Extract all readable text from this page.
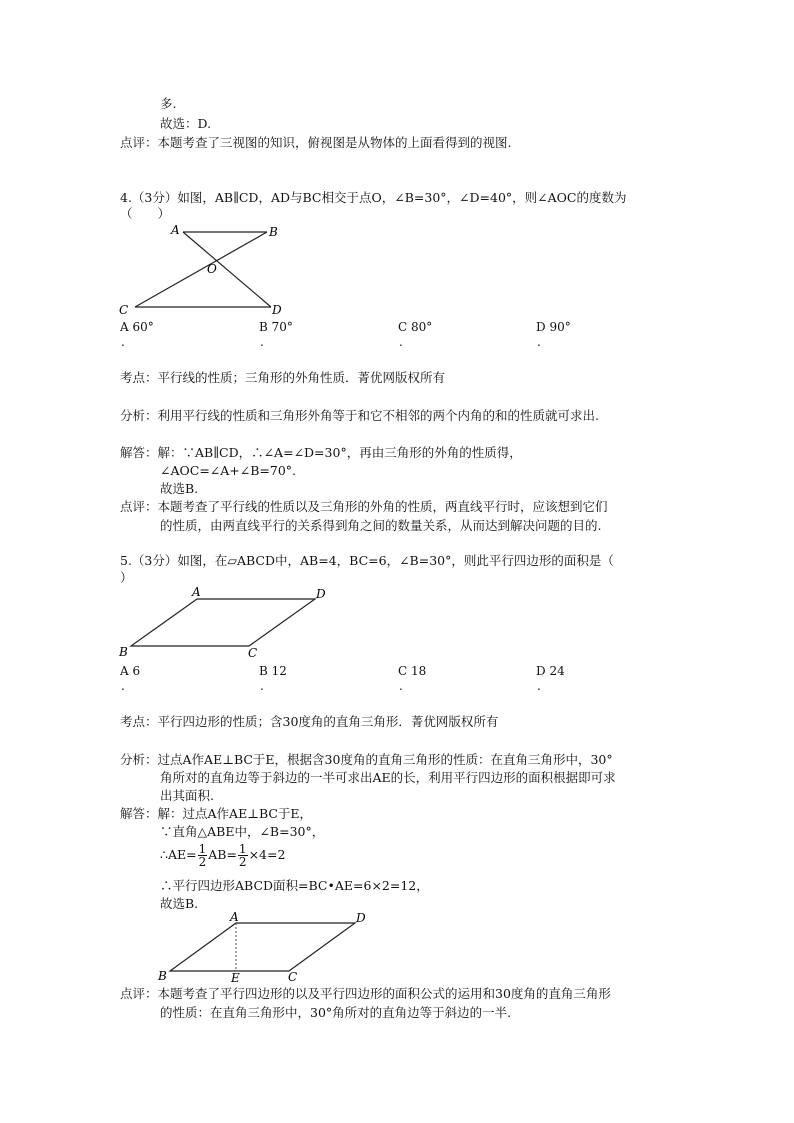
多.
故选：D.
点评：本题考查了三视图的知识，俯视图是从物体的上面看得到的视图.
4.（3分）如图，AB∥CD，AD与BC相交于点O，∠B=30°，∠D=40°，则∠AOC的度数为
（　　）
A	B
O
C	D
A 60°	B 70°	C 80°	D 90°
.	.	.	.
考点：平行线的性质；三角形的外角性质．菁优网版权所有
分析：利用平行线的性质和三角形外角等于和它不相邻的两个内角的和的性质就可求出.
解答：解：∵AB∥CD，∴∠A=∠D=30°，再由三角形的外角的性质得，
∠AOC=∠A+∠B=70°.
故选B.
点评：本题考查了平行线的性质以及三角形的外角的性质，两直线平行时，应该想到它们
的性质，由两直线平行的关系得到角之间的数量关系，从而达到解决问题的目的.
5.（3分）如图，在▱ABCD中，AB=4，BC=6，∠B=30°，则此平行四边形的面积是（
）
A	D
B	C
A 6	B 12	C 18	D 24
.	.	.	.
考点：平行四边形的性质；含30度角的直角三角形．菁优网版权所有
分析：过点A作AE⊥BC于E，根据含30度角的直角三角形的性质：在直角三角形中，30°
角所对的直角边等于斜边的一半可求出AE的长，利用平行四边形的面积根据即可求
出其面积.
解答：解：过点A作AE⊥BC于E，
∵直角△ABE中，∠B=30°，
∴AE= $\frac{1}{2} AB= \frac{1}{2} \times 4=2$
∴平行四边形ABCD面积=BC•AE=6×2=12，
故选B.
A	D
B	E	C
点评：本题考查了平行四边形的以及平行四边形的面积公式的运用和30度角的直角三角形
的性质：在直角三角形中，30°角所对的直角边等于斜边的一半.
